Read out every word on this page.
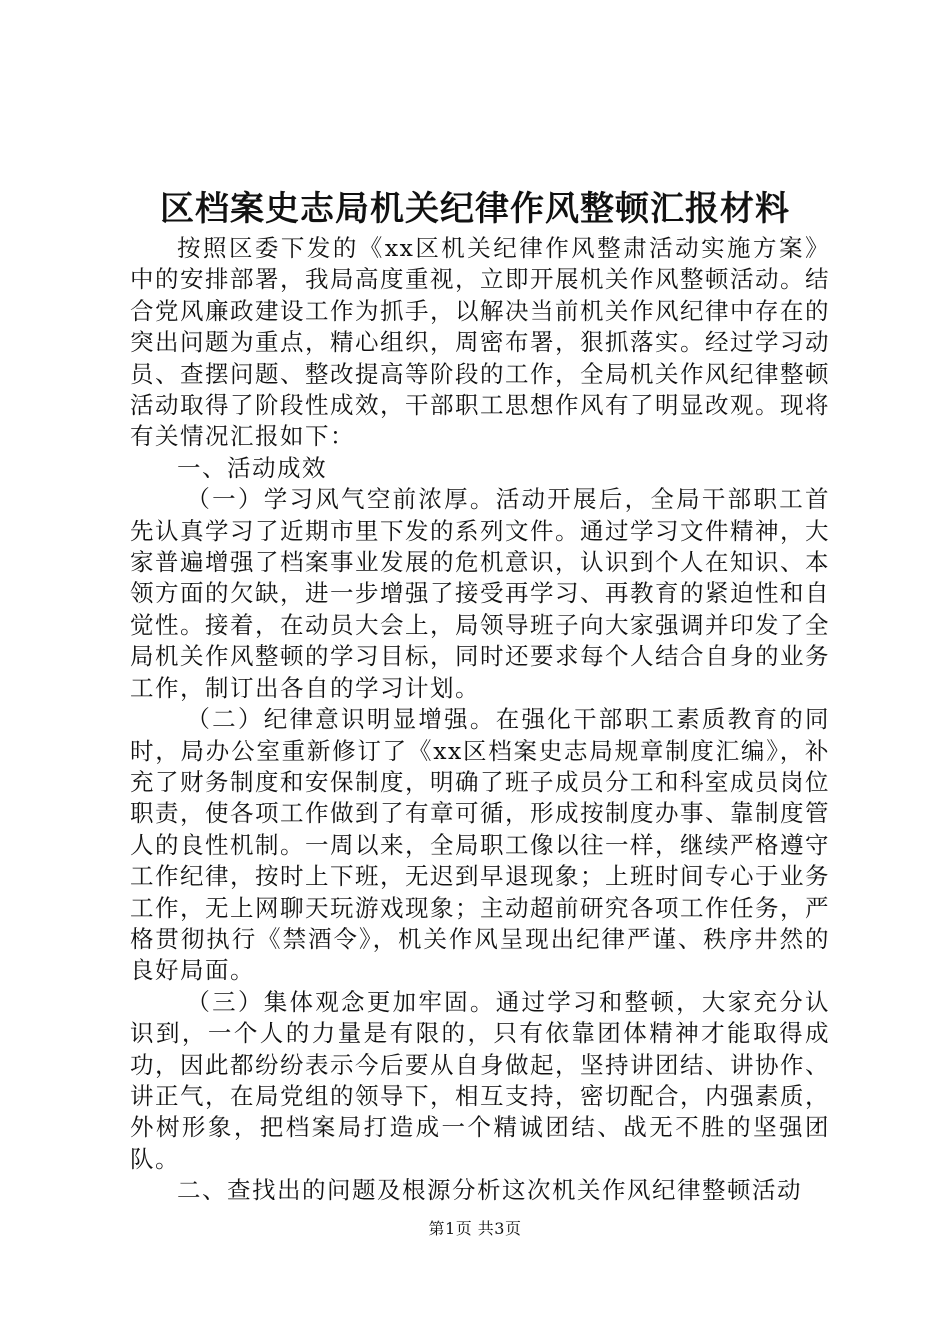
区档案史志局机关纪律作风整顿汇报材料

按照区委下发的《xx区机关纪律作风整肃活动实施方案》中的安排部署，我局高度重视，立即开展机关作风整顿活动。结合党风廉政建设工作为抓手，以解决当前机关作风纪律中存在的突出问题为重点，精心组织，周密布署，狠抓落实。经过学习动员、查摆问题、整改提高等阶段的工作，全局机关作风纪律整顿活动取得了阶段性成效，干部职工思想作风有了明显改观。现将有关情况汇报如下：

一、活动成效

（一）学习风气空前浓厚。活动开展后，全局干部职工首先认真学习了近期市里下发的系列文件。通过学习文件精神，大家普遍增强了档案事业发展的危机意识，认识到个人在知识、本领方面的欠缺，进一步增强了接受再学习、再教育的紧迫性和自觉性。接着，在动员大会上，局领导班子向大家强调并印发了全局机关作风整顿的学习目标，同时还要求每个人结合自身的业务工作，制订出各自的学习计划。

（二）纪律意识明显增强。在强化干部职工素质教育的同时，局办公室重新修订了《xx区档案史志局规章制度汇编》，补充了财务制度和安保制度，明确了班子成员分工和科室成员岗位职责，使各项工作做到了有章可循，形成按制度办事、靠制度管人的良性机制。一周以来，全局职工像以往一样，继续严格遵守工作纪律，按时上下班，无迟到早退现象；上班时间专心于业务工作，无上网聊天玩游戏现象；主动超前研究各项工作任务，严格贯彻执行《禁酒令》，机关作风呈现出纪律严谨、秩序井然的良好局面。

（三）集体观念更加牢固。通过学习和整顿，大家充分认识到，一个人的力量是有限的，只有依靠团体精神才能取得成功，因此都纷纷表示今后要从自身做起，坚持讲团结、讲协作、讲正气，在局党组的领导下，相互支持，密切配合，内强素质，外树形象，把档案局打造成一个精诚团结、战无不胜的坚强团队。

二、查找出的问题及根源分析这次机关作风纪律整顿活动

第1页 共3页
